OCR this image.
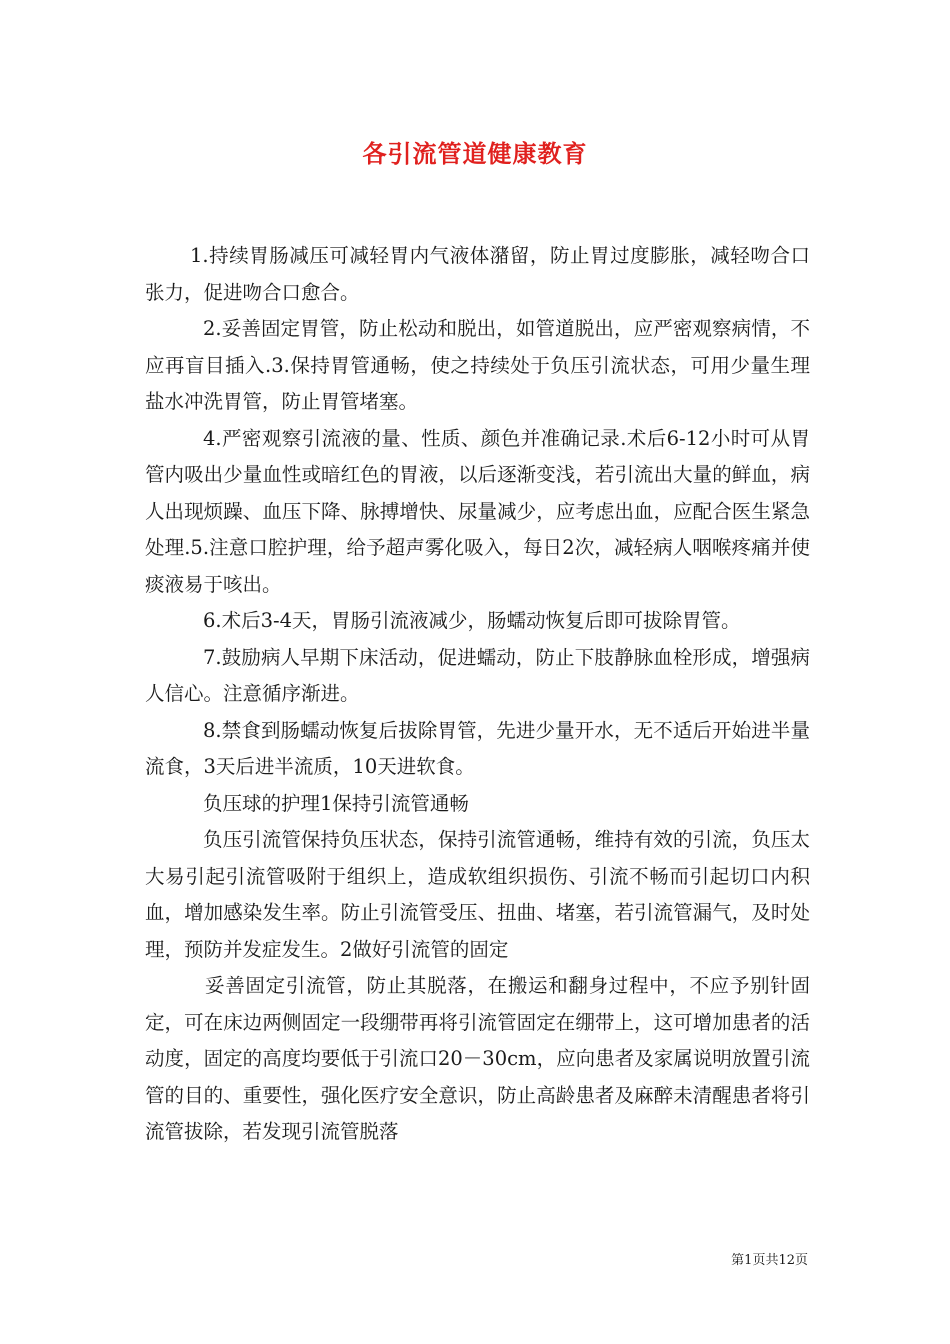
各引流管道健康教育

1.持续胃肠减压可减轻胃内气液体潴留，防止胃过度膨胀，减轻吻合口张力，促进吻合口愈合。

2.妥善固定胃管，防止松动和脱出，如管道脱出，应严密观察病情，不应再盲目插入.3.保持胃管通畅，使之持续处于负压引流状态，可用少量生理盐水冲洗胃管，防止胃管堵塞。

4.严密观察引流液的量、性质、颜色并准确记录.术后6-12小时可从胃管内吸出少量血性或暗红色的胃液，以后逐渐变浅，若引流出大量的鲜血，病人出现烦躁、血压下降、脉搏增快、尿量减少，应考虑出血，应配合医生紧急处理.5.注意口腔护理，给予超声雾化吸入，每日2次，减轻病人咽喉疼痛并使痰液易于咳出。

6.术后3-4天，胃肠引流液减少，肠蠕动恢复后即可拔除胃管。

7.鼓励病人早期下床活动，促进蠕动，防止下肢静脉血栓形成，增强病人信心。注意循序渐进。

8.禁食到肠蠕动恢复后拔除胃管，先进少量开水，无不适后开始进半量流食，3天后进半流质，10天进软食。

负压球的护理1保持引流管通畅

负压引流管保持负压状态，保持引流管通畅，维持有效的引流，负压太大易引起引流管吸附于组织上，造成软组织损伤、引流不畅而引起切口内积血，增加感染发生率。防止引流管受压、扭曲、堵塞，若引流管漏气，及时处理，预防并发症发生。2做好引流管的固定

妥善固定引流管，防止其脱落，在搬运和翻身过程中，不应予别针固定，可在床边两侧固定一段绷带再将引流管固定在绷带上，这可增加患者的活动度，固定的高度均要低于引流口20－30cm，应向患者及家属说明放置引流管的目的、重要性，强化医疗安全意识，防止高龄患者及麻醉未清醒患者将引流管拔除，若发现引流管脱落

第1页共12页
